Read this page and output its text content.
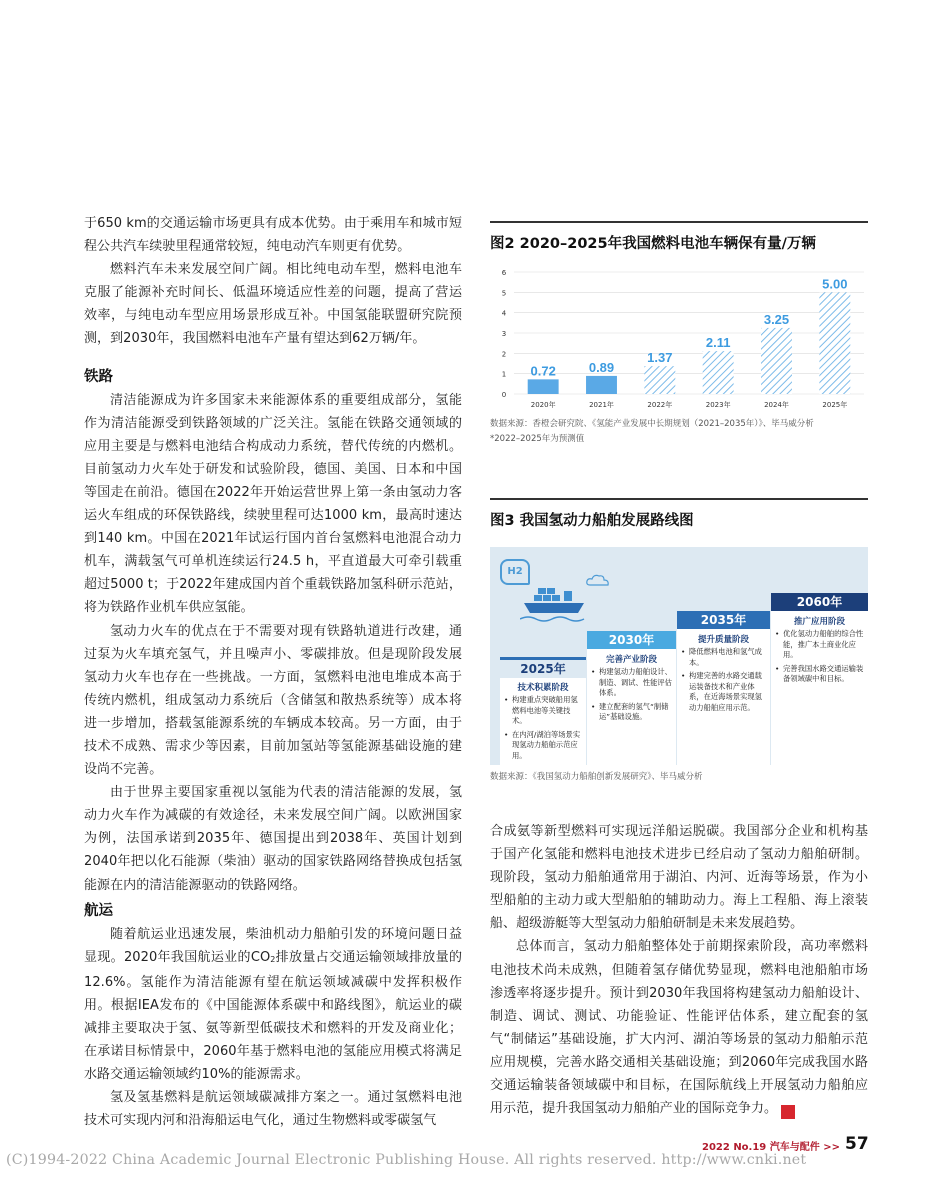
于650 km的交通运输市场更具有成本优势。由于乘用车和城市短程公共汽车续驶里程通常较短，纯电动汽车则更有优势。

燃料汽车未来发展空间广阔。相比纯电动车型，燃料电池车克服了能源补充时间长、低温环境适应性差的问题，提高了营运效率，与纯电动车型应用场景形成互补。中国氢能联盟研究院预测，到2030年，我国燃料电池车产量有望达到62万辆/年。

铁路

清洁能源成为许多国家未来能源体系的重要组成部分，氢能作为清洁能源受到铁路领域的广泛关注。氢能在铁路交通领域的应用主要是与燃料电池结合构成动力系统，替代传统的内燃机。目前氢动力火车处于研发和试验阶段，德国、美国、日本和中国等国走在前沿。德国在2022年开始运营世界上第一条由氢动力客运火车组成的环保铁路线，续驶里程可达1000 km，最高时速达到140 km。中国在2021年试运行国内首台氢燃料电池混合动力机车，满载氢气可单机连续运行24.5 h，平直道最大可牵引载重超过5000 t；于2022年建成国内首个重载铁路加氢科研示范站，将为铁路作业机车供应氢能。

氢动力火车的优点在于不需要对现有铁路轨道进行改建，通过泵为火车填充氢气，并且噪声小、零碳排放。但是现阶段发展氢动力火车也存在一些挑战。一方面，氢燃料电池电堆成本高于传统内燃机，组成氢动力系统后（含储氢和散热系统等）成本将进一步增加，搭载氢能源系统的车辆成本较高。另一方面，由于技术不成熟、需求少等因素，目前加氢站等氢能源基础设施的建设尚不完善。

由于世界主要国家重视以氢能为代表的清洁能源的发展，氢动力火车作为减碳的有效途径，未来发展空间广阔。以欧洲国家为例，法国承诺到2035年、德国提出到2038年、英国计划到2040年把以化石能源（柴油）驱动的国家铁路网络替换成包括氢能源在内的清洁能源驱动的铁路网络。

航运

随着航运业迅速发展，柴油机动力船舶引发的环境问题日益显现。2020年我国航运业的$CO_2$排放量占交通运输领域排放量的12.6%。氢能作为清洁能源有望在航运领域减碳中发挥积极作用。根据IEA发布的《中国能源体系碳中和路线图》，航运业的碳减排主要取决于氢、氨等新型低碳技术和燃料的开发及商业化；在承诺目标情景中，2060年基于燃料电池的氢能应用模式将满足水路交通运输领域约10%的能源需求。

氢及氢基燃料是航运领域碳减排方案之一。通过氢燃料电池技术可实现内河和沿海船运电气化，通过生物燃料或零碳氢气

图2 2020–2025年我国燃料电池车辆保有量/万辆
0
1
2
3
4
5
6
0.72
2020年
0.89
2021年
1.37
2022年
2.11
2023年
3.25
2024年
5.00
2025年
数据来源：香橙会研究院、《氢能产业发展中长期规划（2021–2035年）》、毕马威分析
*2022–2025年为预测值
图3 我国氢动力船舶发展路线图
H2
2025年
2030年
2035年
2060年
技术积累阶段
完善产业阶段
提升质量阶段
推广应用阶段
• 构建重点突破船用氢燃料电池等关键技术。
• 在内河/湖泊等场景实现氢动力船舶示范应用。
• 构建氢动力船舶设计、制造、调试、性能评估体系。
• 建立配套的氢气“制储运”基础设施。
• 降低燃料电池和氢气成本。
• 构建完善的水路交通载运装备技术和产业体系，在近海场景实现氢动力船舶应用示范。
• 优化氢动力船舶的综合性能，推广本土商业化应用。
• 完善我国水路交通运输装备领域碳中和目标。
数据来源：《我国氢动力船舶创新发展研究》、毕马威分析

合成氨等新型燃料可实现远洋船运脱碳。我国部分企业和机构基于国产化氢能和燃料电池技术进步已经启动了氢动力船舶研制。现阶段，氢动力船舶通常用于湖泊、内河、近海等场景，作为小型船舶的主动力或大型船舶的辅助动力。海上工程船、海上滚装船、超级游艇等大型氢动力船舶研制是未来发展趋势。

总体而言，氢动力船舶整体处于前期探索阶段，高功率燃料电池技术尚未成熟，但随着氢存储优势显现，燃料电池船舶市场渗透率将逐步提升。预计到2030年我国将构建氢动力船舶设计、制造、调试、测试、功能验证、性能评估体系，建立配套的氢气“制储运”基础设施，扩大内河、湖泊等场景的氢动力船舶示范应用规模，完善水路交通相关基础设施；到2060年完成我国水路交通运输装备领域碳中和目标，在国际航线上开展氢动力船舶应用示范，提升我国氢动力船舶产业的国际竞争力。	A

2022 No.19 汽车与配件 >> 57
(C)1994-2022 China Academic Journal Electronic Publishing House. All rights reserved. http://www.cnki.net
